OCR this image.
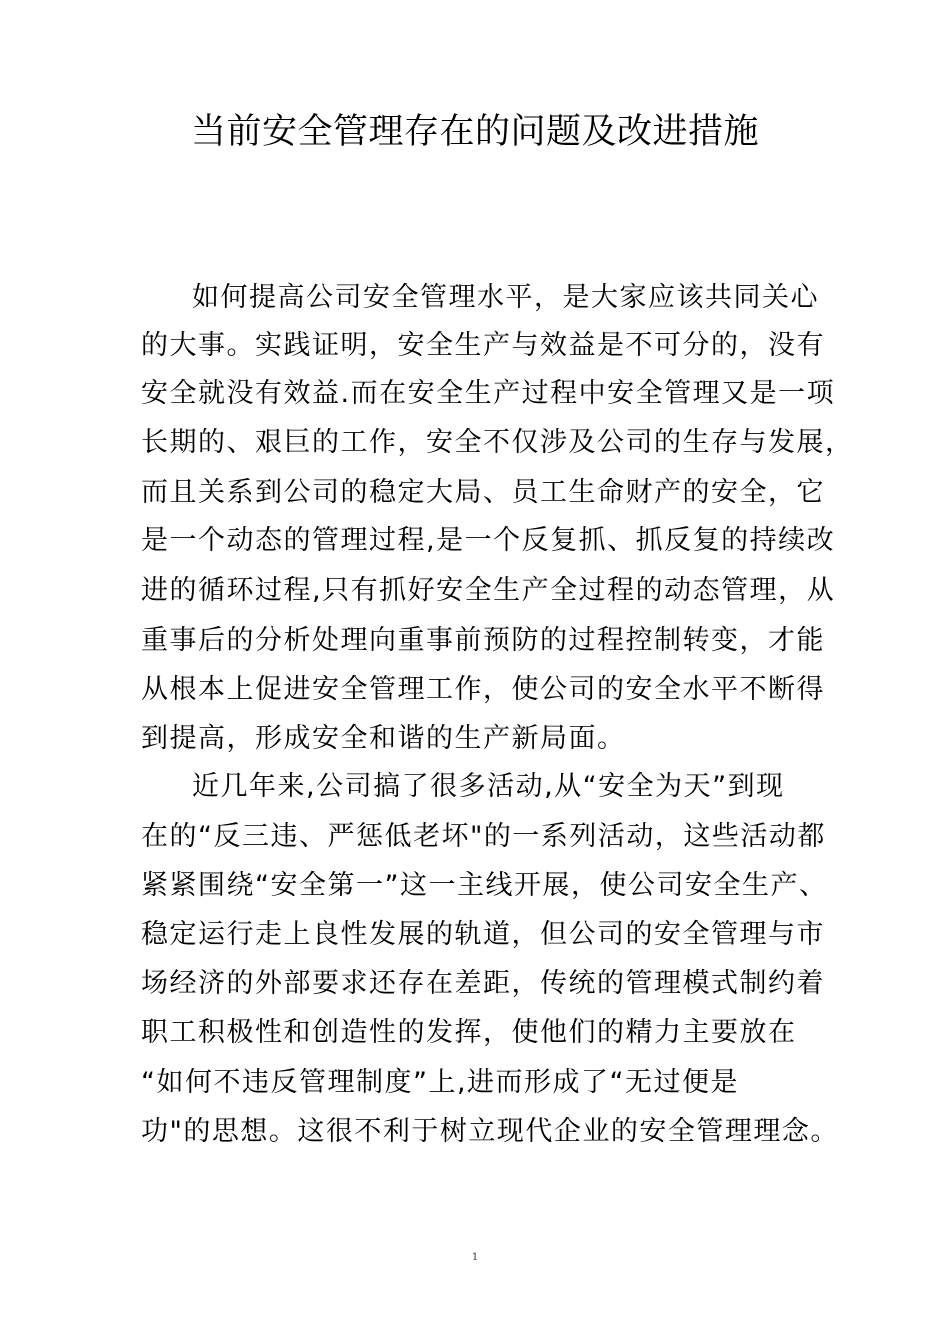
当前安全管理存在的问题及改进措施
如何提高公司安全管理水平，是大家应该共同关心
的大事。实践证明，安全生产与效益是不可分的，没有
安全就没有效益.而在安全生产过程中安全管理又是一项
长期的、艰巨的工作，安全不仅涉及公司的生存与发展，
而且关系到公司的稳定大局、员工生命财产的安全，它
是一个动态的管理过程,是一个反复抓、抓反复的持续改
进的循环过程,只有抓好安全生产全过程的动态管理，从
重事后的分析处理向重事前预防的过程控制转变，才能
从根本上促进安全管理工作，使公司的安全水平不断得
到提高，形成安全和谐的生产新局面。
近几年来,公司搞了很多活动,从“安全为天”到现
在的“反三违、严惩低老坏"的一系列活动，这些活动都
紧紧围绕“安全第一”这一主线开展，使公司安全生产、
稳定运行走上良性发展的轨道，但公司的安全管理与市
场经济的外部要求还存在差距，传统的管理模式制约着
职工积极性和创造性的发挥，使他们的精力主要放在
“如何不违反管理制度”上,进而形成了“无过便是
功"的思想。这很不利于树立现代企业的安全管理理念。
1
